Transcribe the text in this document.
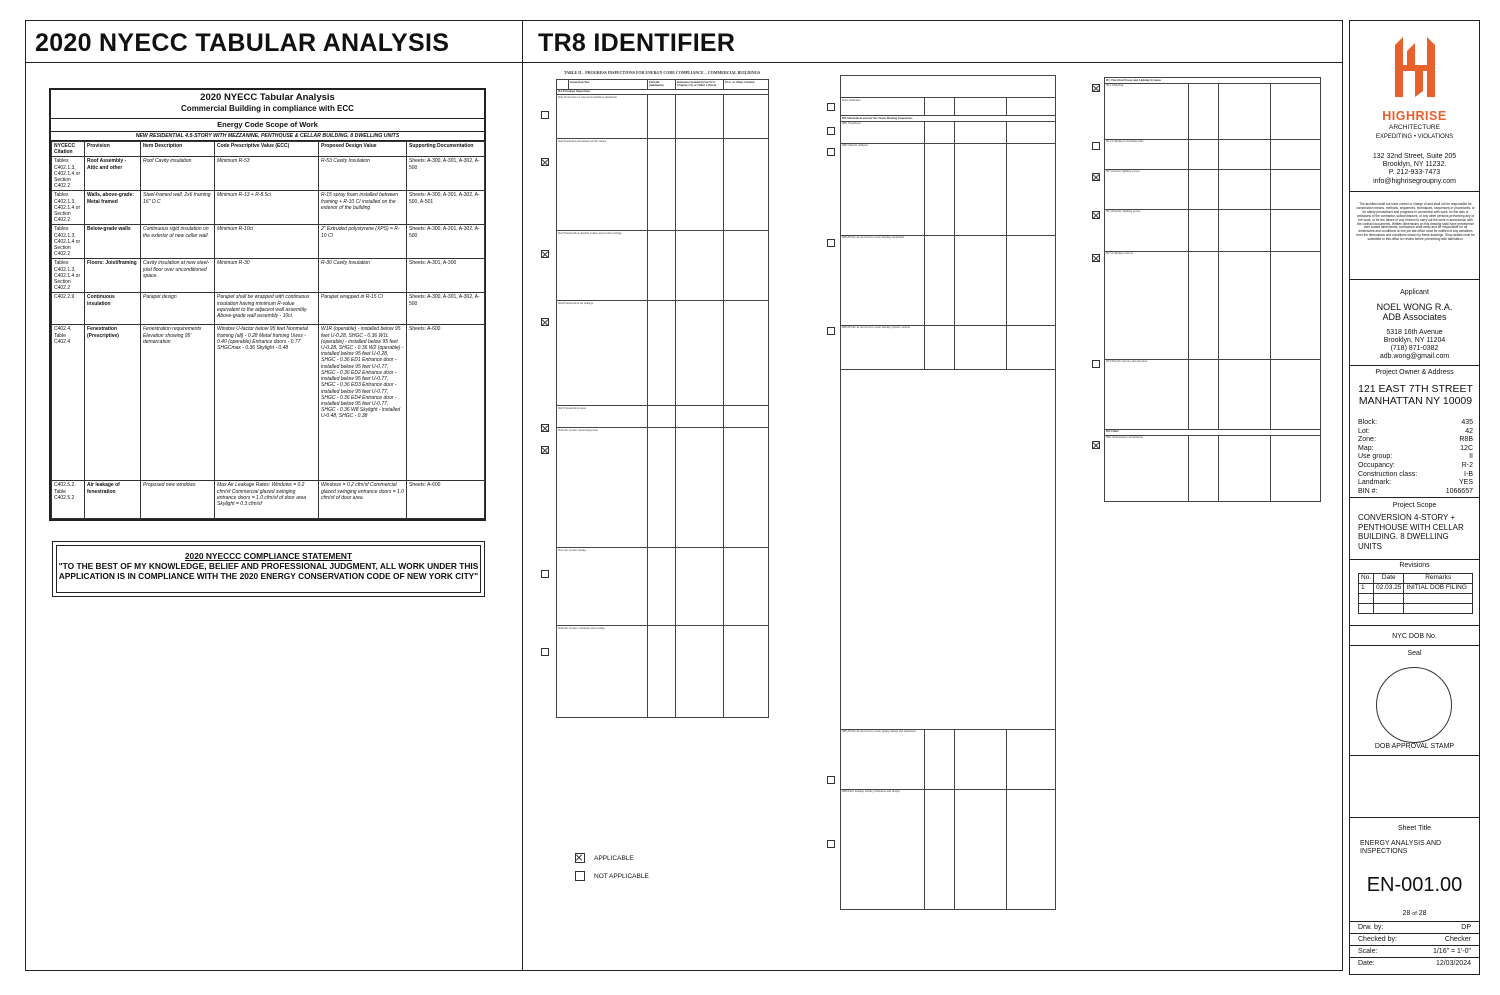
2020 NYECC TABULAR ANALYSIS	TR8 IDENTIFIER
2020 NYECC Tabular Analysis
Commercial Building in compliance with ECC
Energy Code Scope of Work
NEW RESIDENTIAL 4.5-STORY WITH MEZZANINE, PENTHOUSE & CELLAR BUILDING, 8 DWELLING UNITS
NYCECC Citation	Provision	Item Description	Code Prescriptive Value (ECC)	Proposed Design Value	Supporting Documentation
Tables C402.1.3, C402.1.4 or Section C402.2	Roof Assembly - Attic and other	Roof Cavity insulation	Minimum R-53	R-53 Cavity Insulation	Sheets: A-300, A-301, A-302, A-500
Tables C402.1.3, C402.1.4 or Section C402.2	Walls, above-grade: Metal framed	Steel-framed wall, 2x6 framing 16" O.C	Minimum R-13 + R-8.5ci	R-15 spray foam installed between framing + R-10 CI installed on the exterior of the building	Sheets: A-300, A-301, A-302, A-500, A-501
Tables C402.1.3, C402.1.4 or Section C402.2	Below-grade walls	Continuous rigid insulation on the exterior of new cellar wall.	Minimum R-10ci	2" Extruded polystyrene (XPS) = R-10 CI	Sheets: A-300, A-301, A-302, A-500
Tables C402.1.3, C402.1.4 or Section C402.2	Floors: Joist/framing	Cavity insulation at new steel-joist floor over unconditioned space.	Minimum R-30	R-30 Cavity Insulation	Sheets: A-301, A-300
C402.2.9	Continuous insulation	Parapet design	Parapet shall be wrapped with continuous insulation having minimum R-value equivalent to the adjacent wall assembly. Above-grade wall assembly - 10ci.	Parapet wrapped in R-15 CI	Sheets: A-300, A-301, A-302, A-500
C402.4, Table C402.4	Fenestration (Prescriptive)	Fenestration requirements Elevation showing 95' demarcation	Window U-factor below 95 feet Nonmetal framing (all) - 0.28 Metal framing Uwss - 0.40 (operable) Entrance doors - 0.77 SHGCmax - 0.36 Skylight - 0.48	W1R (operable) - installed below 95 feet U-0.28, SHGC - 0.36 W1L (operable) - installed below 95 feet U-0.28, SHGC - 0.36 W2 (operable) - installed below 95 feet U-0.28, SHGC - 0.36 ED1 Entrance door - installed below 95 feet U-0.77, SHGC - 0.36 ED2 Entrance door - installed below 95 feet U-0.77, SHGC - 0.36 ED3 Entrance door - installed below 95 feet U-0.77, SHGC - 0.36 ED4 Entrance door - installed below 95 feet U-0.77, SHGC - 0.36 W8 Skylight - installed U-0.48, SHGC - 0.38	Sheets: A-600
C402.5.2, Table C402.5.2	Air leakage of fenestration	Proposed new windows	Max Air Leakage Rates: Windows = 0.2 cfm/sf Commercial glazed swinging entrance doors = 1.0 cfm/sf of door area Skylight = 0.3 cfm/sf	Windows = 0.2 cfm/sf Commercial glazed swinging entrance doors = 1.0 cfm/sf of door area	Sheets: A-600
2020 NYECCC COMPLIANCE STATEMENT
"TO THE BEST OF MY KNOWLEDGE, BELIEF AND PROFESSIONAL JUDGMENT, ALL WORK UNDER THIS APPLICATION IS IN COMPLIANCE WITH THE 2020 ENERGY CONSERVATION CODE OF NEW YORK CITY"
TABLE II – PROGRESS INSPECTIONS FOR ENERGY CODE COMPLIANCE – COMMERCIAL BUILDINGS
	Inspection/Test	Periodic (minimum)	Reference Standard (See ECC Chapter CS) or Other Criteria	ECC or Other Citation
IIA Envelope Inspections				
IIA1 Protection of exposed foundation insulation				
IIA2 Insulation placement and R-values				
IIA3 Fenestration thermal values and product ratings				
IIA4 Fenestration air leakage				
IIA5 Fenestration areas				
IIA6 Air barrier visual inspection				
IIA7 Air barrier testing				
IIA8 Air barrier continuity plan testing				
APPLICABLE
NOT APPLICABLE

IIA9 Vestibules			
IIB Mechanical and Service Water Heating Inspections			
IIB1 Fireplaces			
IIB2 Shutoff dampers			
IIB3 HVAC-R and service water heating equipment			
IIB4 HVAC-R and service water heating system controls			

IIB5 HVAC-R and service water piping design and insulation			
IIB6 Duct leakage testing, insulation and design			
IIC Electrical Power and Lighting Systems			
IIC1 Metering			
IIC2 Lighting in dwelling units			
IIC3 Interior lighting power			
IIC4 Exterior lighting power			
IIC5 Lighting controls			
IIC6 Electric motors and elevators			
IID Other			
IID1 Maintenance information			
HIGHRISE
ARCHITECTURE
EXPEDITING • VIOLATIONS
132 32nd Street, Suite 205
Brooklyn, NY 11232.
P. 212-933-7473
info@highrisegroupny.com
The architect shall not have control or charge of and shall not be responsible for construction means, methods, sequences, techniques, sequences or procedures, or for safety precautions and programs in connection with work, for the acts or omissions of the contractor, subcontractors, or any other persons performing any of the work, or for the failure of any of them to carry out the work in accordance with the contract documents. Written dimensions on this drawing shall have precedence over scaled dimensions; contractors shall verify and be responsible for all dimensions and conditions on the job site office must be notified of any variations from the dimensions and conditions shown by these drawings. Shop details must be submitted to this office for review before proceeding with fabrication.
Applicant
NOEL WONG R.A.
ADB Associates
5318 16th Avenue
Brooklyn, NY 11204
(718) 871-0382
adb.wong@gmail.com
Project Owner & Address
121 EAST 7TH STREET MANHATTAN NY 10009
Block:	435
Lot:	42
Zone:	R8B
Map:	12C
Use group:	II
Occupancy:	R-2
Construction class:	I-B
Landmark:	YES
BIN #:	1066657
Project Scope
CONVERSION 4-STORY + PENTHOUSE WITH CELLAR BUILDING. 8 DWELLING UNITS
Revisions
No.	Date	Remarks
1	02.03.25	INITIAL DOB FILING

NYC DOB No.
Seal
DOB APPROVAL STAMP
Sheet Title
ENERGY ANALYSIS AND INSPECTIONS
EN-001.00
28 of 28
Drw. by:	DP
Checked by:	Checker
Scale:	1/16" = 1'-0"
Date:	12/03/2024
